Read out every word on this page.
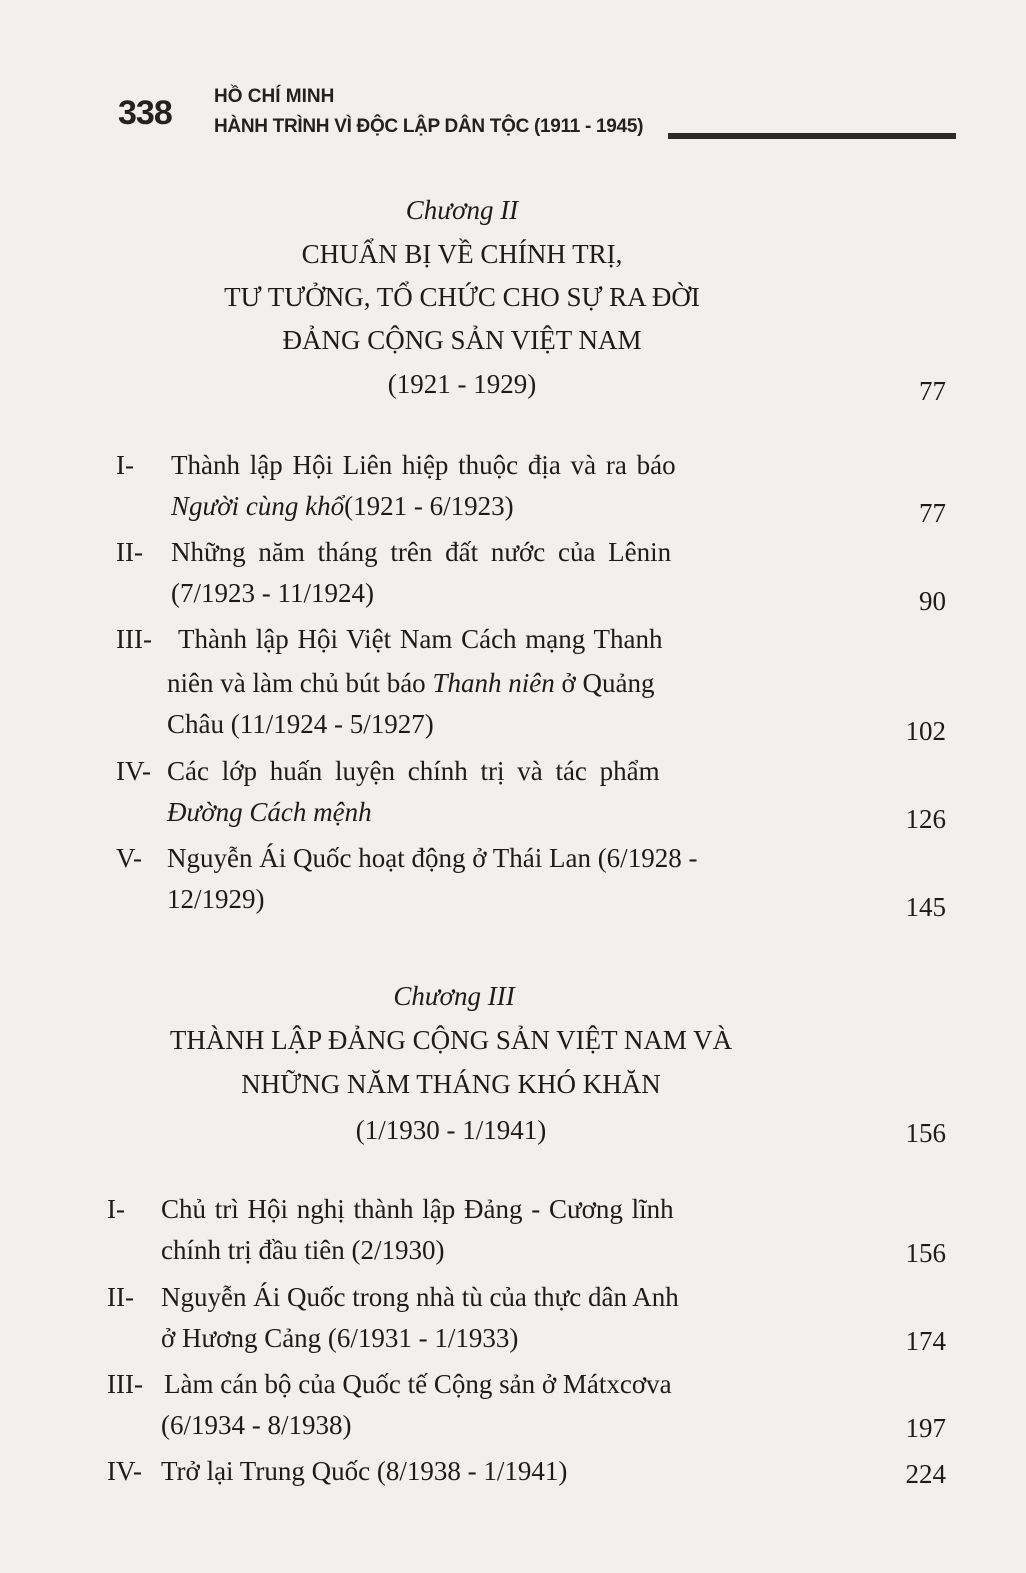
338 HỒ CHÍ MINH
HÀNH TRÌNH VÌ ĐỘC LẬP DÂN TỘC (1911 - 1945)
Chương II
CHUẨN BỊ VỀ CHÍNH TRỊ,
TƯ TƯỞNG, TỔ CHỨC CHO SỰ RA ĐỜI
ĐẢNG CỘNG SẢN VIỆT NAM
(1921 - 1929)	77
I- Thành lập Hội Liên hiệp thuộc địa và ra báo
Người cùng khổ(1921 - 6/1923)	77
II- Những năm tháng trên đất nước của Lênin
(7/1923 - 11/1924)	90
III- Thành lập Hội Việt Nam Cách mạng Thanh
niên và làm chủ bút báo Thanh niên ở Quảng
Châu (11/1924 - 5/1927)	102
IV- Các lớp huấn luyện chính trị và tác phẩm
Đường Cách mệnh	126
V- Nguyễn Ái Quốc hoạt động ở Thái Lan (6/1928 -
12/1929)	145
Chương III
THÀNH LẬP ĐẢNG CỘNG SẢN VIỆT NAM VÀ
NHỮNG NĂM THÁNG KHÓ KHĂN
(1/1930 - 1/1941)	156
I- Chủ trì Hội nghị thành lập Đảng - Cương lĩnh
chính trị đầu tiên (2/1930)	156
II- Nguyễn Ái Quốc trong nhà tù của thực dân Anh
ở Hương Cảng (6/1931 - 1/1933)	174
III- Làm cán bộ của Quốc tế Cộng sản ở Mátxcơva
(6/1934 - 8/1938)	197
IV- Trở lại Trung Quốc (8/1938 - 1/1941)	224
